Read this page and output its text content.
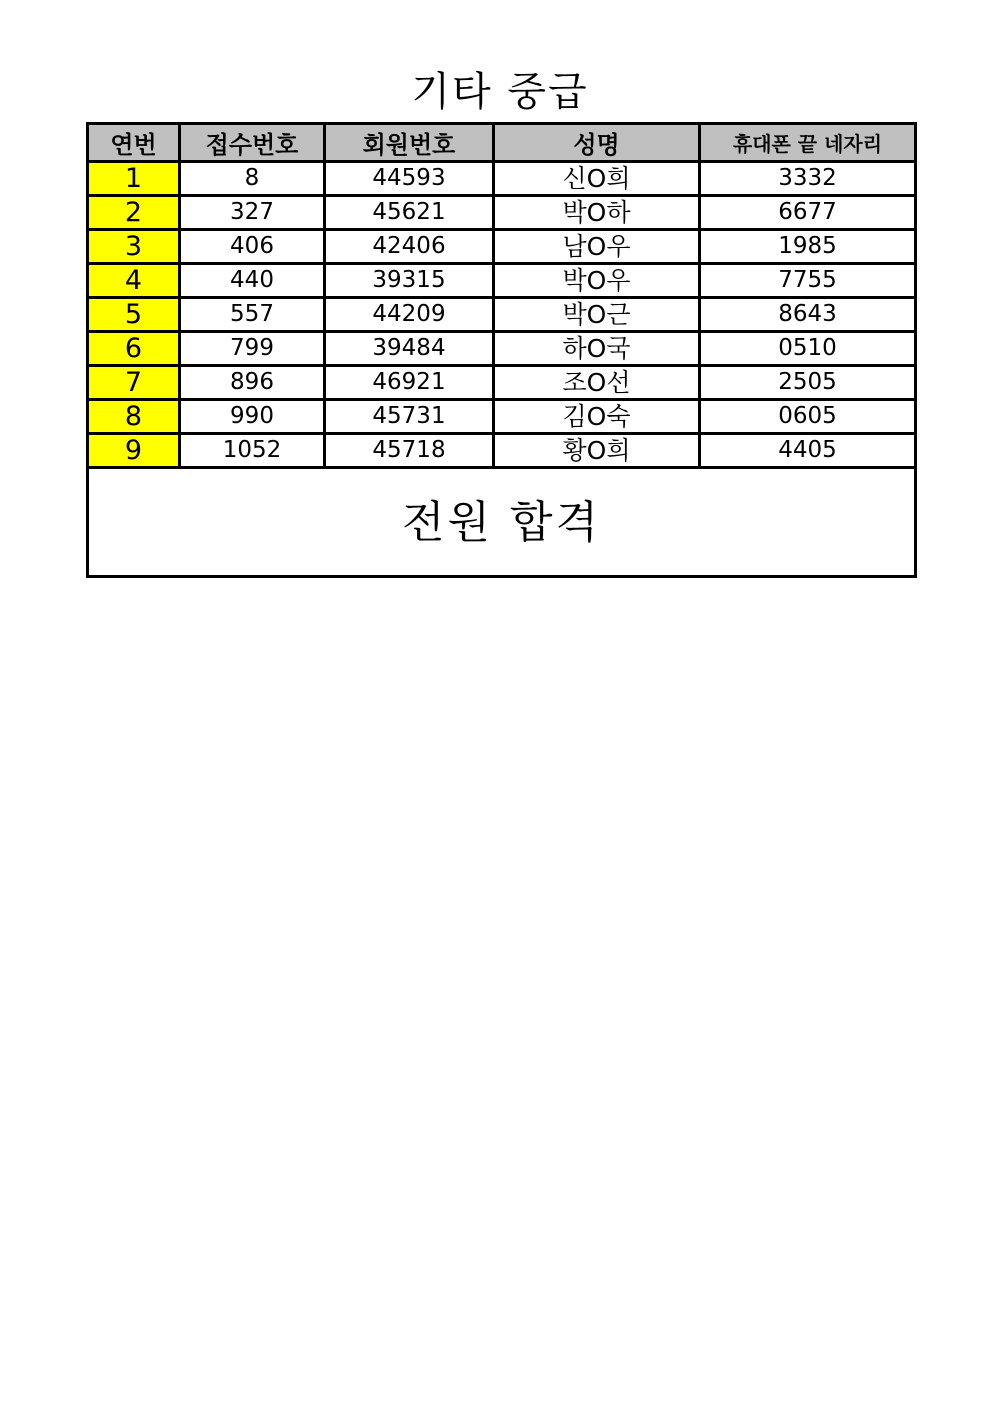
기타 중급
연번	접수번호	회원번호	성명	휴대폰 끝 네자리
1	8	44593	신O희	3332
2	327	45621	박O하	6677
3	406	42406	남O우	1985
4	440	39315	박O우	7755
5	557	44209	박O근	8643
6	799	39484	하O국	0510
7	896	46921	조O선	2505
8	990	45731	김O숙	0605
9	1052	45718	황O희	4405
전원 합격				
